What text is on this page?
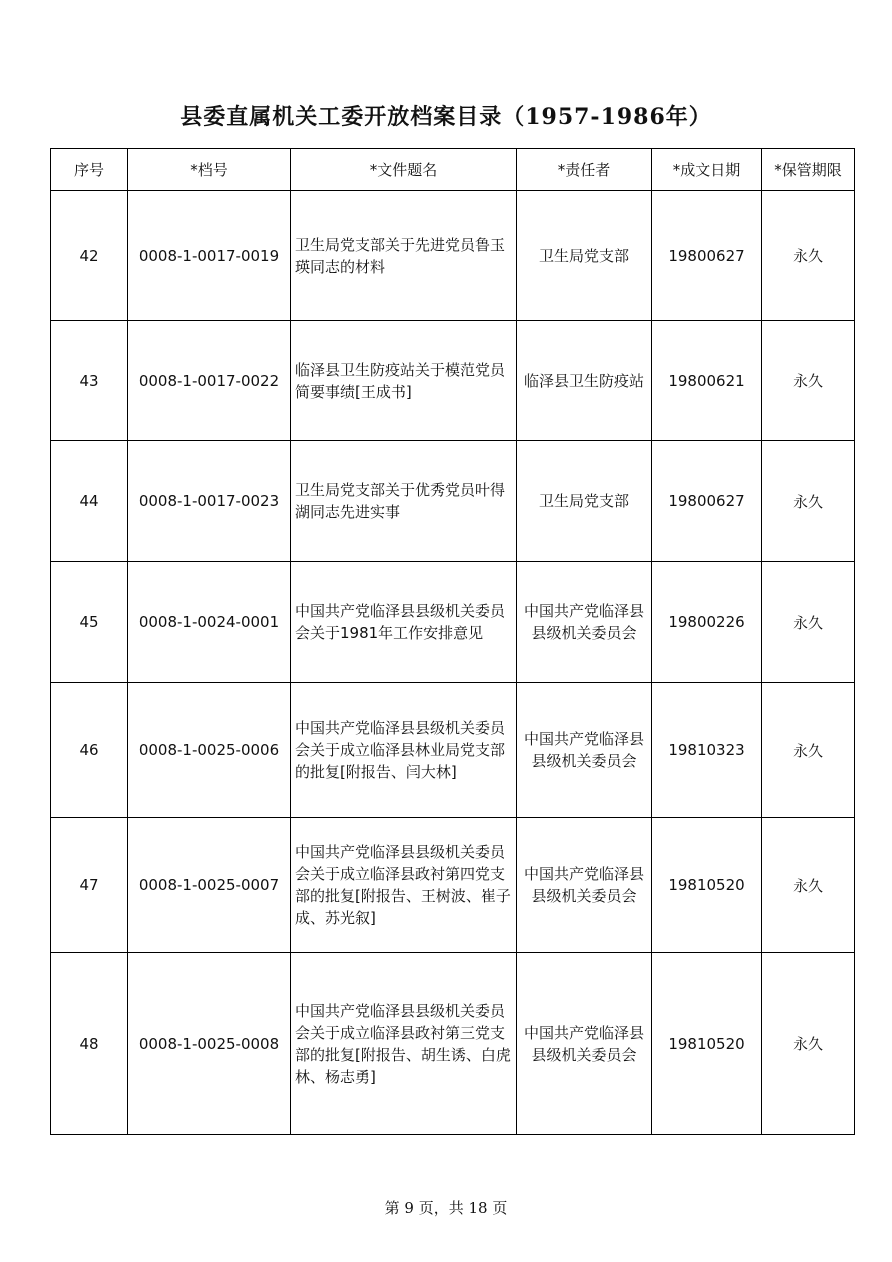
县委直属机关工委开放档案目录（1957-1986年）
序号	*档号	*文件题名	*责任者	*成文日期	*保管期限
42	0008-1-0017-0019	卫生局党支部关于先进党员鲁玉瑛同志的材料	卫生局党支部	19800627	永久
43	0008-1-0017-0022	临泽县卫生防疫站关于模范党员简要事绩[王成书]	临泽县卫生防疫站	19800621	永久
44	0008-1-0017-0023	卫生局党支部关于优秀党员叶得湖同志先进实事	卫生局党支部	19800627	永久
45	0008-1-0024-0001	中国共产党临泽县县级机关委员会关于1981年工作安排意见	中国共产党临泽县县级机关委员会	19800226	永久
46	0008-1-0025-0006	中国共产党临泽县县级机关委员会关于成立临泽县林业局党支部的批复[附报告、闫大林]	中国共产党临泽县县级机关委员会	19810323	永久
47	0008-1-0025-0007	中国共产党临泽县县级机关委员会关于成立临泽县政衬第四党支部的批复[附报告、王树波、崔子成、苏光叙]	中国共产党临泽县县级机关委员会	19810520	永久
48	0008-1-0025-0008	中国共产党临泽县县级机关委员会关于成立临泽县政衬第三党支部的批复[附报告、胡生诱、白虎林、杨志勇]	中国共产党临泽县县级机关委员会	19810520	永久
第 9 页，共 18 页
